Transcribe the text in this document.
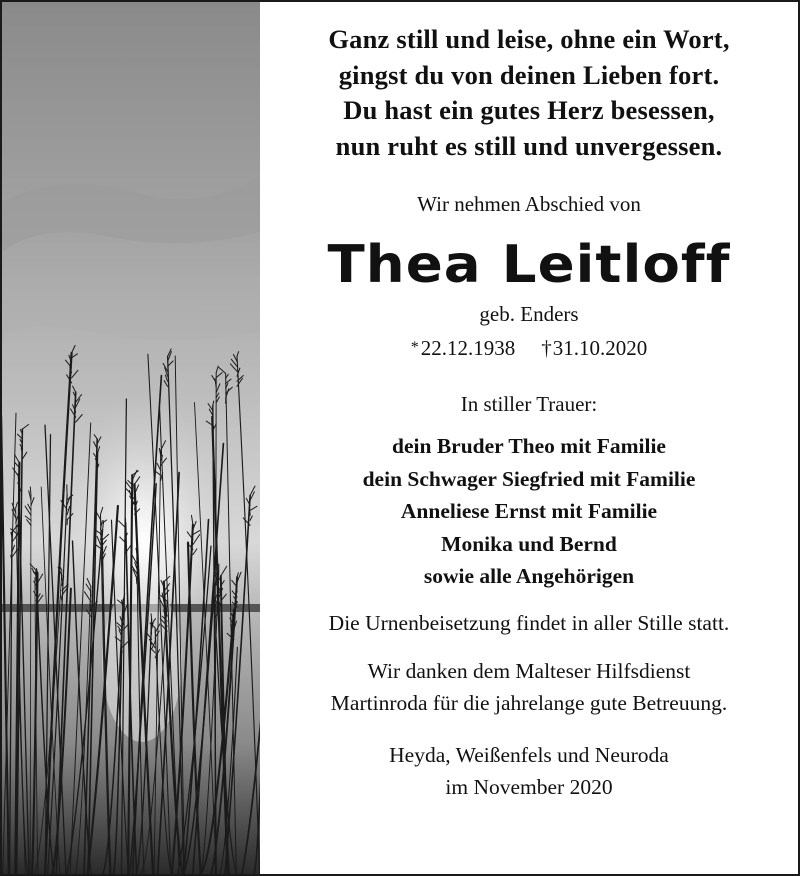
Ganz still und leise, ohne ein Wort,

gingst du von deinen Lieben fort.

Du hast ein gutes Herz besessen,

nun ruht es still und unvergessen.

Wir nehmen Abschied von

Thea Leitloff

geb. Enders

*22.12.1938 †31.10.2020

In stiller Trauer:

dein Bruder Theo mit Familie

dein Schwager Siegfried mit Familie

Anneliese Ernst mit Familie

Monika und Bernd

sowie alle Angehörigen

Die Urnenbeisetzung findet in aller Stille statt.

Wir danken dem Malteser Hilfsdienst

Martinroda für die jahrelange gute Betreuung.

Heyda, Weißenfels und Neuroda

im November 2020
